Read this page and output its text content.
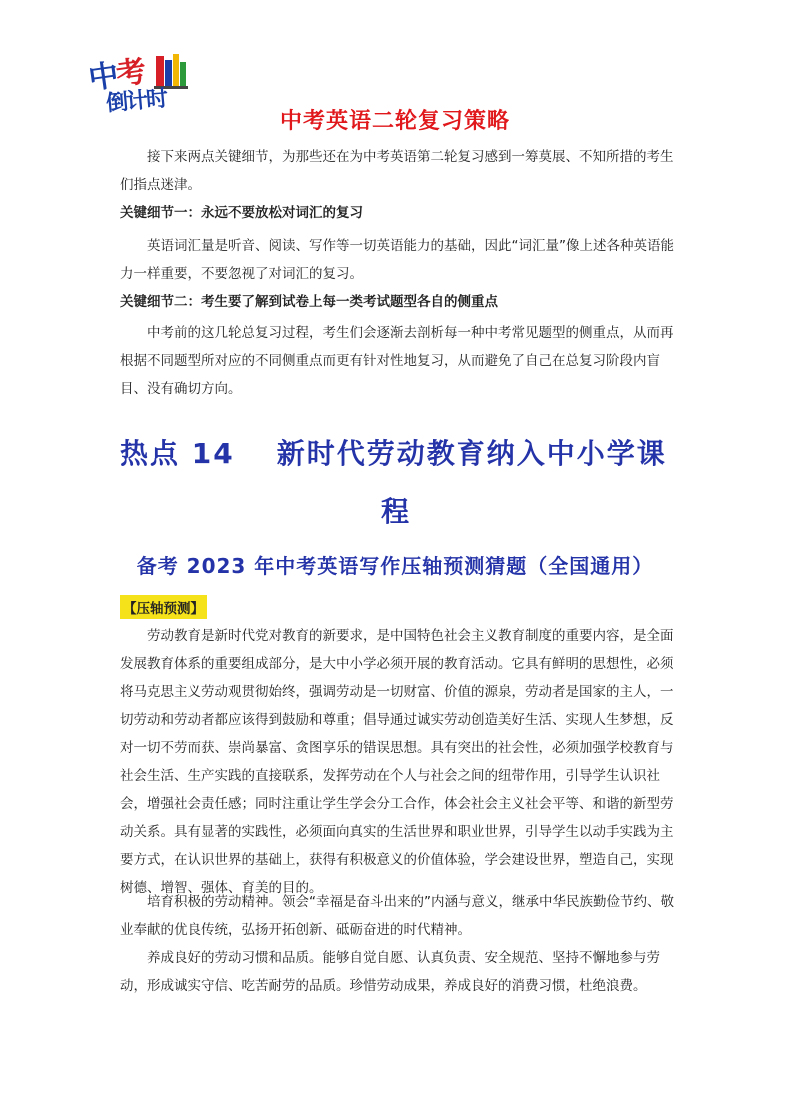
中考
倒计时
中考英语二轮复习策略
接下来两点关键细节，为那些还在为中考英语第二轮复习感到一筹莫展、不知所措的考生们指点迷津。
关键细节一：永远不要放松对词汇的复习
英语词汇量是听音、阅读、写作等一切英语能力的基础，因此“词汇量”像上述各种英语能力一样重要，不要忽视了对词汇的复习。
关键细节二：考生要了解到试卷上每一类考试题型各自的侧重点
中考前的这几轮总复习过程，考生们会逐渐去剖析每一种中考常见题型的侧重点，从而再根据不同题型所对应的不同侧重点而更有针对性地复习，从而避免了自己在总复习阶段内盲目、没有确切方向。
热点 14 新时代劳动教育纳入中小学课
程
备考 2023 年中考英语写作压轴预测猜题（全国通用）
【压轴预测】
劳动教育是新时代党对教育的新要求，是中国特色社会主义教育制度的重要内容，是全面发展教育体系的重要组成部分，是大中小学必须开展的教育活动。它具有鲜明的思想性，必须将马克思主义劳动观贯彻始终，强调劳动是一切财富、价值的源泉，劳动者是国家的主人，一切劳动和劳动者都应该得到鼓励和尊重；倡导通过诚实劳动创造美好生活、实现人生梦想，反对一切不劳而获、崇尚暴富、贪图享乐的错误思想。具有突出的社会性，必须加强学校教育与社会生活、生产实践的直接联系，发挥劳动在个人与社会之间的纽带作用，引导学生认识社会，增强社会责任感；同时注重让学生学会分工合作，体会社会主义社会平等、和谐的新型劳动关系。具有显著的实践性，必须面向真实的生活世界和职业世界，引导学生以动手实践为主要方式，在认识世界的基础上，获得有积极意义的价值体验，学会建设世界，塑造自己，实现树德、增智、强体、育美的目的。
培育积极的劳动精神。领会“幸福是奋斗出来的”内涵与意义，继承中华民族勤俭节约、敬业奉献的优良传统，弘扬开拓创新、砥砺奋进的时代精神。
养成良好的劳动习惯和品质。能够自觉自愿、认真负责、安全规范、坚持不懈地参与劳动，形成诚实守信、吃苦耐劳的品质。珍惜劳动成果，养成良好的消费习惯，杜绝浪费。
